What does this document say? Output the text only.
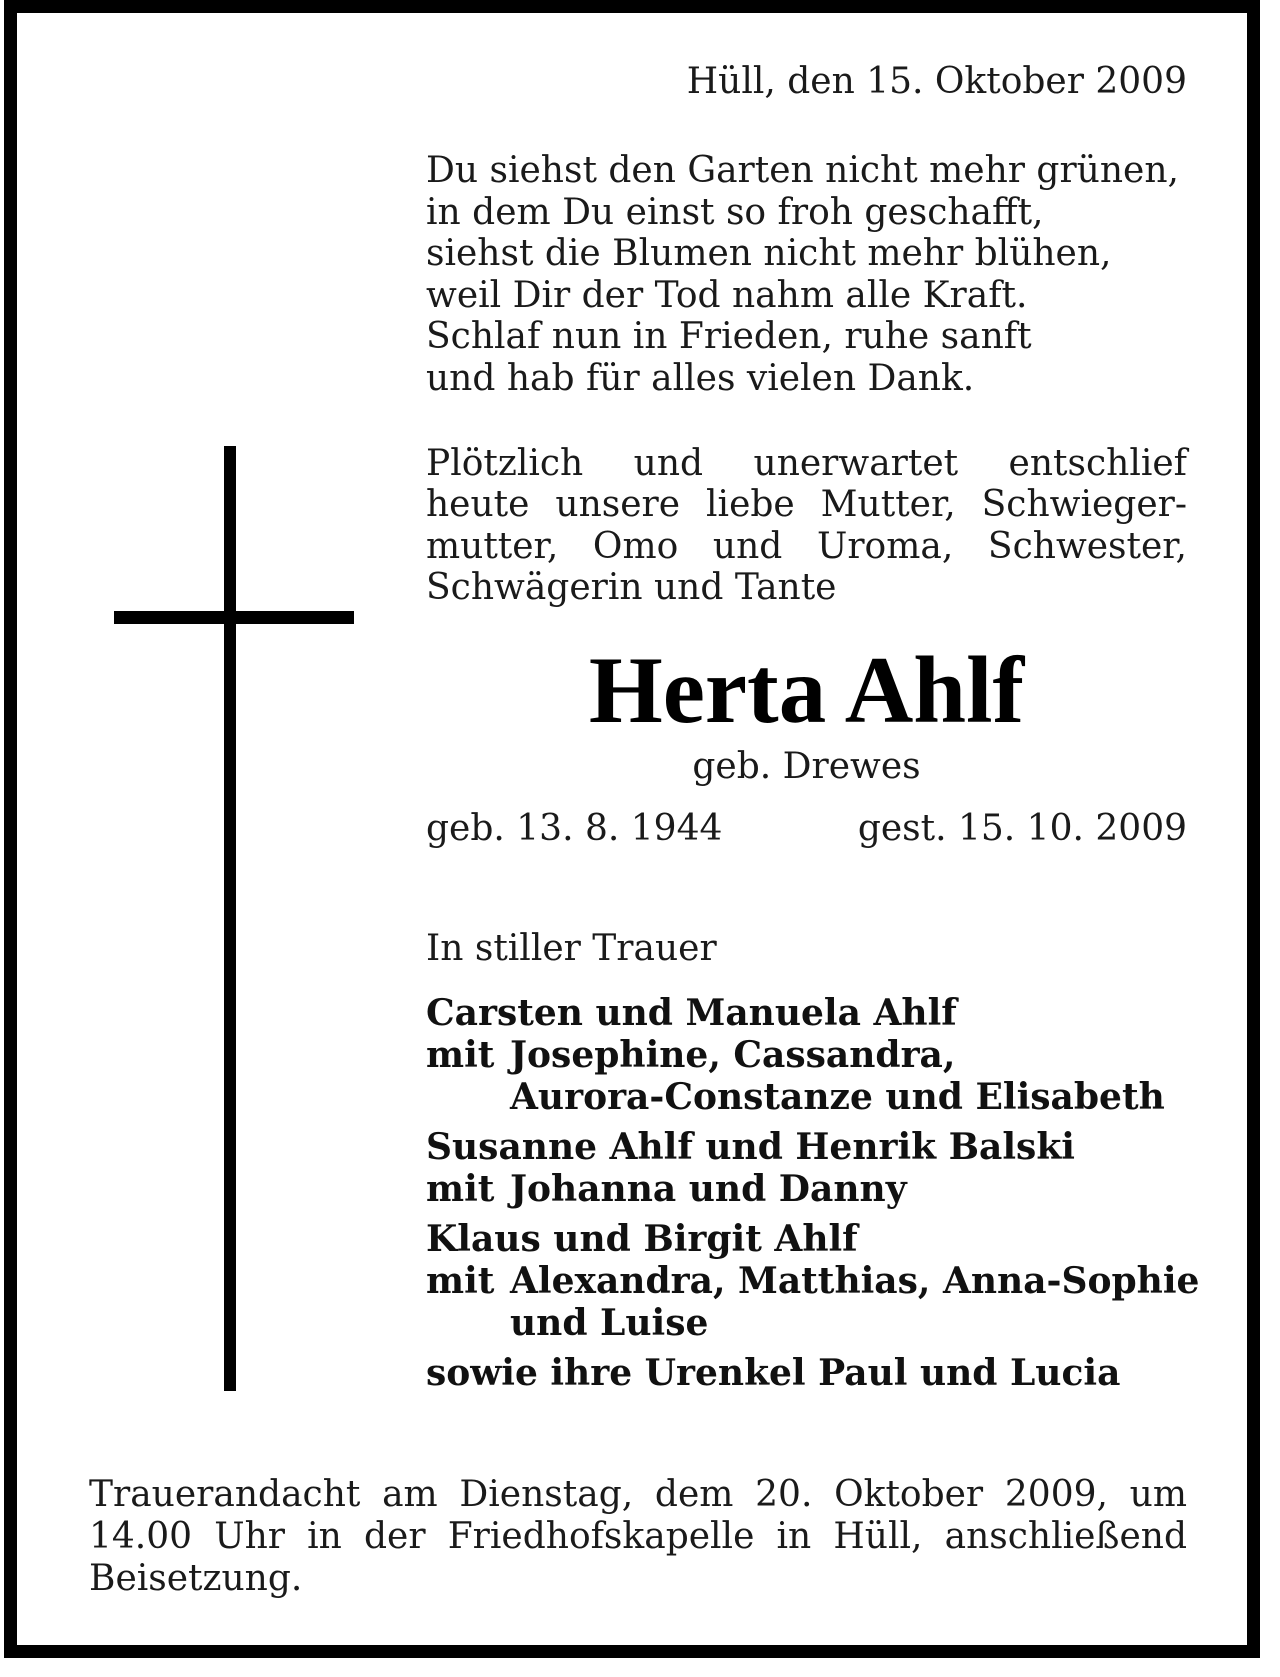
Hüll, den 15. Oktober 2009
Du siehst den Garten nicht mehr grünen,
in dem Du einst so froh geschafft,
siehst die Blumen nicht mehr blühen,
weil Dir der Tod nahm alle Kraft.
Schlaf nun in Frieden, ruhe sanft
und hab für alles vielen Dank.
Plötzlich und unerwartet entschlief
heute unsere liebe Mutter, Schwieger-
mutter, Omo und Uroma, Schwester,
Schwägerin und Tante
Herta Ahlf
geb. Drewes
geb. 13. 8. 1944	gest. 15. 10. 2009
In stiller Trauer
Carsten und Manuela Ahlf
mit Josephine, Cassandra,
Aurora-Constanze und Elisabeth
Susanne Ahlf und Henrik Balski
mit Johanna und Danny
Klaus und Birgit Ahlf
mit Alexandra, Matthias, Anna-Sophie
und Luise
sowie ihre Urenkel Paul und Lucia
Trauerandacht am Dienstag, dem 20. Oktober 2009, um
14.00 Uhr in der Friedhofskapelle in Hüll, anschließend
Beisetzung.
